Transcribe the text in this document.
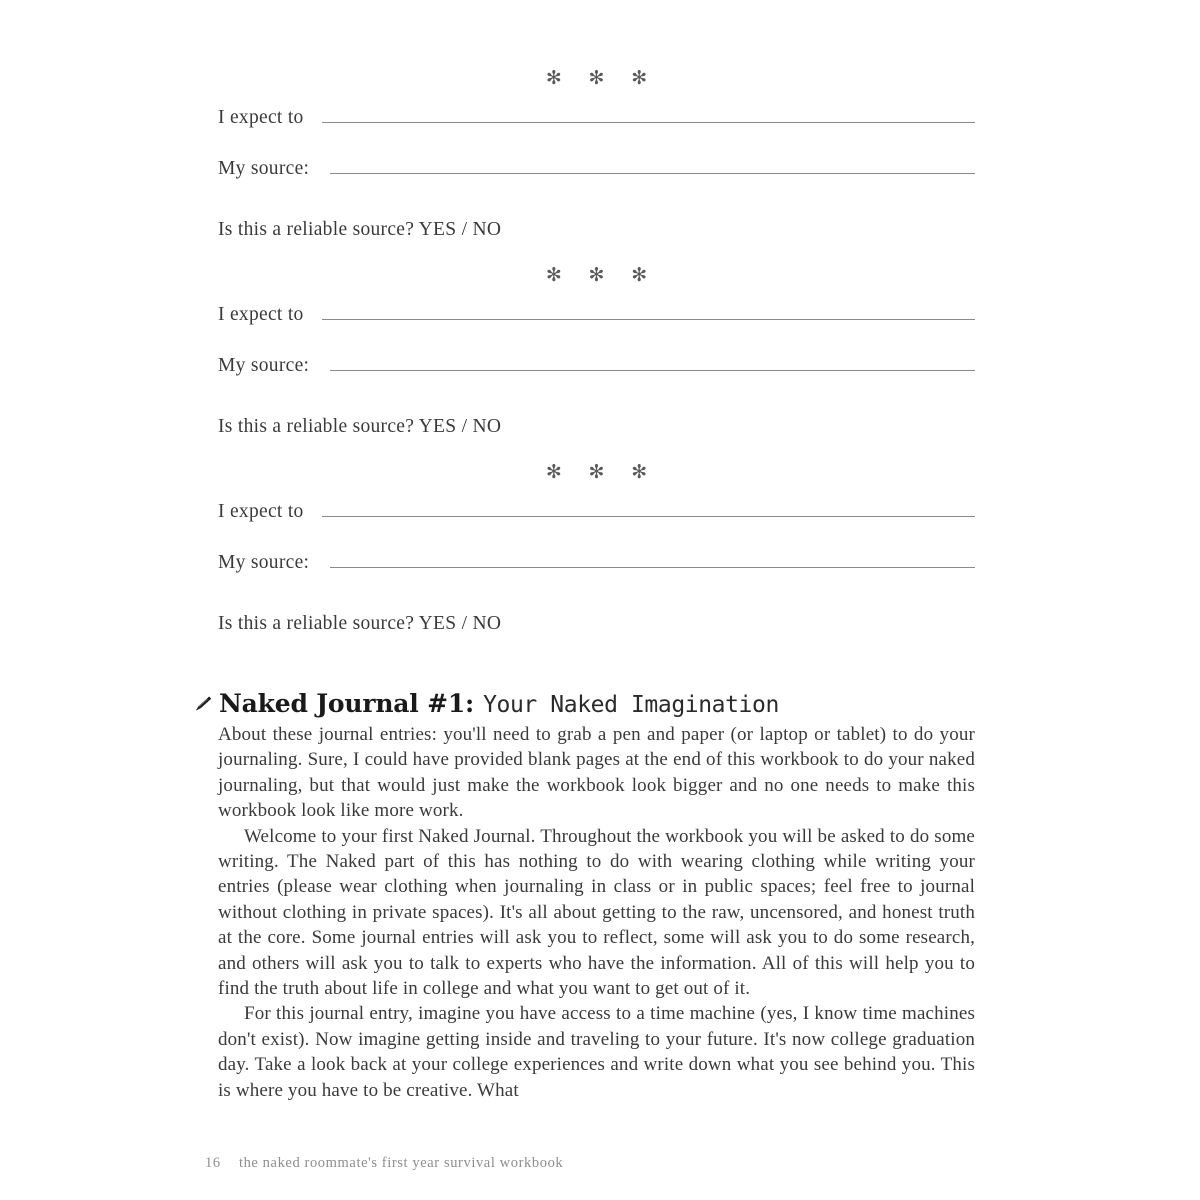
✻ ✻ ✻
I expect to
My source:
Is this a reliable source? YES / NO
✻ ✻ ✻
I expect to
My source:
Is this a reliable source? YES / NO
✻ ✻ ✻
I expect to
My source:
Is this a reliable source? YES / NO
Naked Journal #1: Your Naked Imagination

About these journal entries: you'll need to grab a pen and paper (or laptop or tablet) to do your journaling. Sure, I could have provided blank pages at the end of this workbook to do your naked journaling, but that would just make the workbook look bigger and no one needs to make this workbook look like more work.

Welcome to your first Naked Journal. Throughout the workbook you will be asked to do some writing. The Naked part of this has nothing to do with wearing clothing while writing your entries (please wear clothing when journaling in class or in public spaces; feel free to journal without clothing in private spaces). It's all about getting to the raw, uncensored, and honest truth at the core. Some journal entries will ask you to reflect, some will ask you to do some research, and others will ask you to talk to experts who have the information. All of this will help you to find the truth about life in college and what you want to get out of it.

For this journal entry, imagine you have access to a time machine (yes, I know time machines don't exist). Now imagine getting inside and traveling to your future. It's now college graduation day. Take a look back at your college experiences and write down what you see behind you. This is where you have to be creative. What

16 the naked roommate's first year survival workbook
